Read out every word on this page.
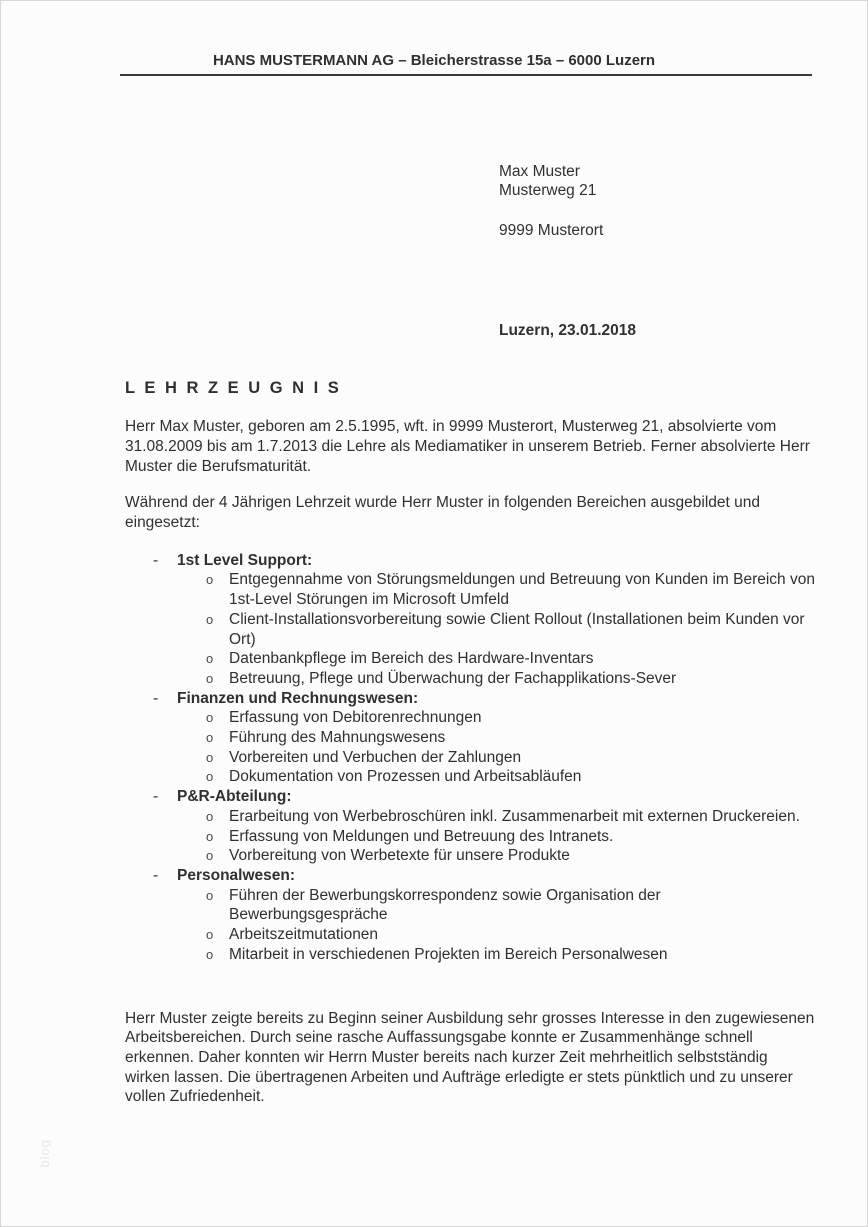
HANS MUSTERMANN AG – Bleicherstrasse 15a – 6000 Luzern
Max Muster
Musterweg 21
9999 Musterort
Luzern, 23.01.2018
L E H R Z E U G N I S

Herr Max Muster, geboren am 2.5.1995, wft. in 9999 Musterort, Musterweg 21, absolvierte vom 31.08.2009 bis am 1.7.2013 die Lehre als Mediamatiker in unserem Betrieb. Ferner absolvierte Herr Muster die Berufsmaturität.

Während der 4 Jährigen Lehrzeit wurde Herr Muster in folgenden Bereichen ausgebildet und eingesetzt:

-	1st Level Support:
o	Entgegennahme von Störungsmeldungen und Betreuung von Kunden im Bereich von 1st-Level Störungen im Microsoft Umfeld
o	Client-Installationsvorbereitung sowie Client Rollout (Installationen beim Kunden vor Ort)
o	Datenbankpflege im Bereich des Hardware-Inventars
o	Betreuung, Pflege und Überwachung der Fachapplikations-Sever
-	Finanzen und Rechnungswesen:
o	Erfassung von Debitorenrechnungen
o	Führung des Mahnungswesens
o	Vorbereiten und Verbuchen der Zahlungen
o	Dokumentation von Prozessen und Arbeitsabläufen
-	P&R-Abteilung:
o	Erarbeitung von Werbebroschüren inkl. Zusammenarbeit mit externen Druckereien.
o	Erfassung von Meldungen und Betreuung des Intranets.
o	Vorbereitung von Werbetexte für unsere Produkte
-	Personalwesen:
o	Führen der Bewerbungskorrespondenz sowie Organisation der Bewerbungsgespräche
o	Arbeitszeitmutationen
o	Mitarbeit in verschiedenen Projekten im Bereich Personalwesen

Herr Muster zeigte bereits zu Beginn seiner Ausbildung sehr grosses Interesse in den zugewiesenen Arbeitsbereichen. Durch seine rasche Auffassungsgabe konnte er Zusammenhänge schnell erkennen. Daher konnten wir Herrn Muster bereits nach kurzer Zeit mehrheitlich selbstständig wirken lassen. Die übertragenen Arbeiten und Aufträge erledigte er stets pünktlich und zu unserer vollen Zufriedenheit.

blog
